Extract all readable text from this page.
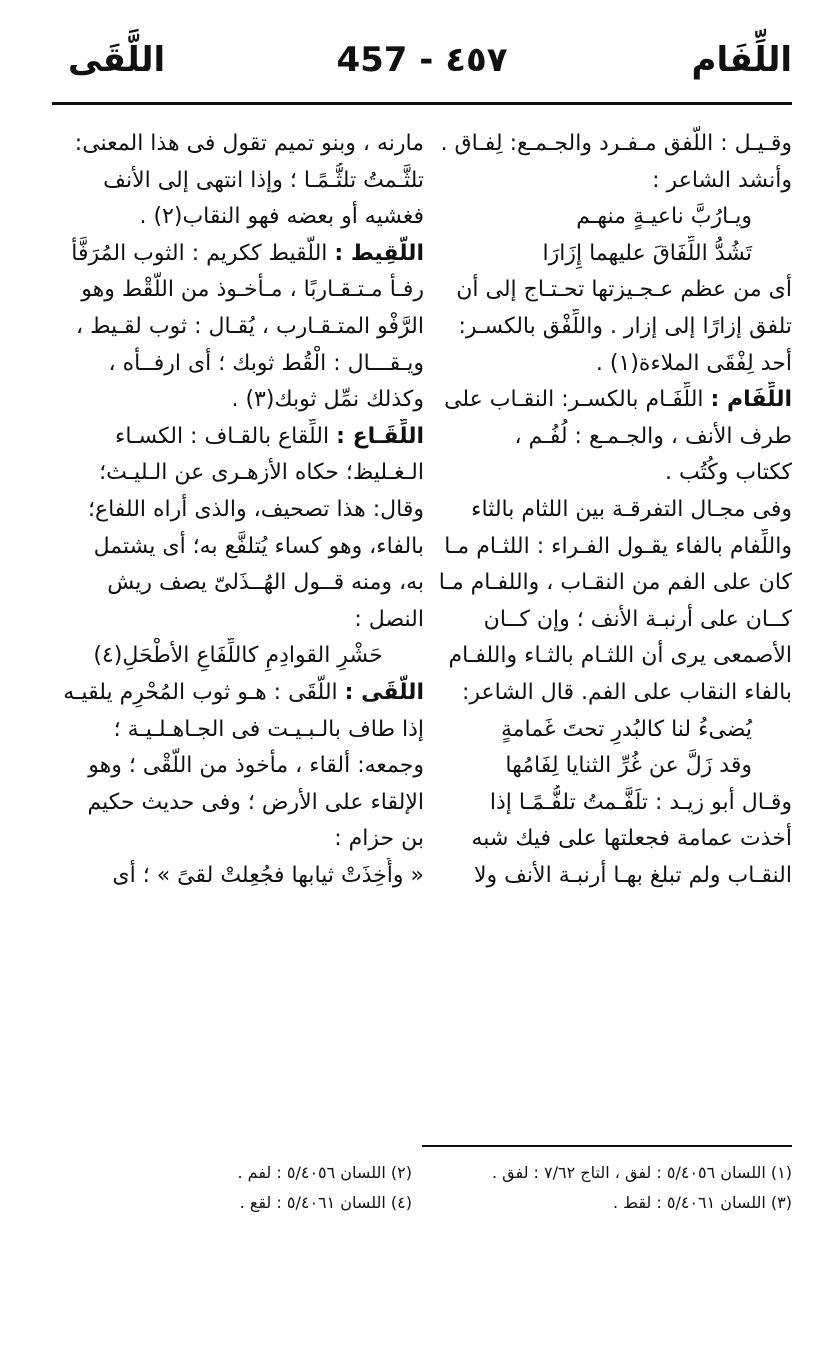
اللِّفَام
457 - ٤٥٧
اللَّقَى
وقـيـل : اللَّفق مـفـرد والجـمـع: لِفـاق .
وأنشد الشاعر :
ويـارُبَّ ناعيـةٍ منهـم
تَشُدُّ اللِّفَاقَ عليهما إِزَارَا
أى من عظم عـجـيزتها تحـتـاج إلى أن
تلفق إزارًا إلى إزار . واللِّفْق بالكسـر:
أحد لِفْقَى الملاءة(١) .
اللِّفَام : اللِّفَـام بالكسـر: النقـاب على
طرف الأنف ، والجـمـع : لُفُـم ،
ككتاب وكُتُب .
وفى مجـال التفرقـة بين اللثام بالثاء
واللِّفام بالفاء يقـول الفـراء : اللثـام مـا
كان على الفم من النقـاب ، واللفـام مـا
كــان على أرنبـة الأنف ؛ وإن كــان
الأصمعى يرى أن اللثـام بالثـاء واللفـام
بالفاء النقاب على الفم. قال الشاعر:
يُضىءُ لنا كالبُدرِ تحتَ غَمامةٍ
وقد زَلَّ عن غُرِّ الثنايا لِفَامُها
وقـال أبو زيـد : تلَفَّـمتُ تلفُّـمًـا إذا
أخذت عمامة فجعلتها على فيك شبه
النقـاب ولم تبلغ بهـا أرنبـة الأنف ولا
مارنه ، وبنو تميم تقول فى هذا المعنى:
تلثَّـمتُ تلثُّـمًـا ؛ وإذا انتهى إلى الأنف
فغشيه أو بعضه فهو النقاب(٢) .
اللَّقِيط : اللَّقيط ككريم : الثوب المُرَفَّأ
رفـأ مـتـقـاربًا ، مـأخـوذ من اللَّقْط وهو
الرَّفْو المتـقـارب ، يُقـال : ثوب لقـيط ،
ويـقـــال : الْقُط ثوبك ؛ أى ارفــأه ،
وكذلك نمِّل ثوبك(٣) .
اللِّقَـاع : اللِّقاع بالقـاف : الكسـاء
الـغـليظ؛ حكاه الأزهـرى عن الـليـث؛
وقال: هذا تصحيف، والذى أراه اللفاع؛
بالفاء، وهو كساء يُتلفَّع به؛ أى يشتمل
به، ومنه قــول الهُــذَلىّ يصف ريش
النصل :
حَشْرِ القوادِمِ كاللِّفَاعِ الأطْحَلِ(٤)
اللَّقَى : اللَّقَى : هـو ثوب المُحْرِم يلقيـه
إذا طاف بالـبـيـت فى الجـاهـلـيـة ؛
وجمعه: ألقاء ، مأخوذ من اللَّقْى ؛ وهو
الإلقاء على الأرض ؛ وفى حديث حكيم
بن حزام :
« وأُخِذَتْ ثيابها فجُعِلتْ لقىً » ؛ أى
(١) اللسان ٥/٤٠٥٦ : لفق ، التاج ٧/٦٢ : لفق .
(٣) اللسان ٥/٤٠٦١ : لقط .
(٢) اللسان ٥/٤٠٥٦ : لفم .
(٤) اللسان ٥/٤٠٦١ : لقع .
